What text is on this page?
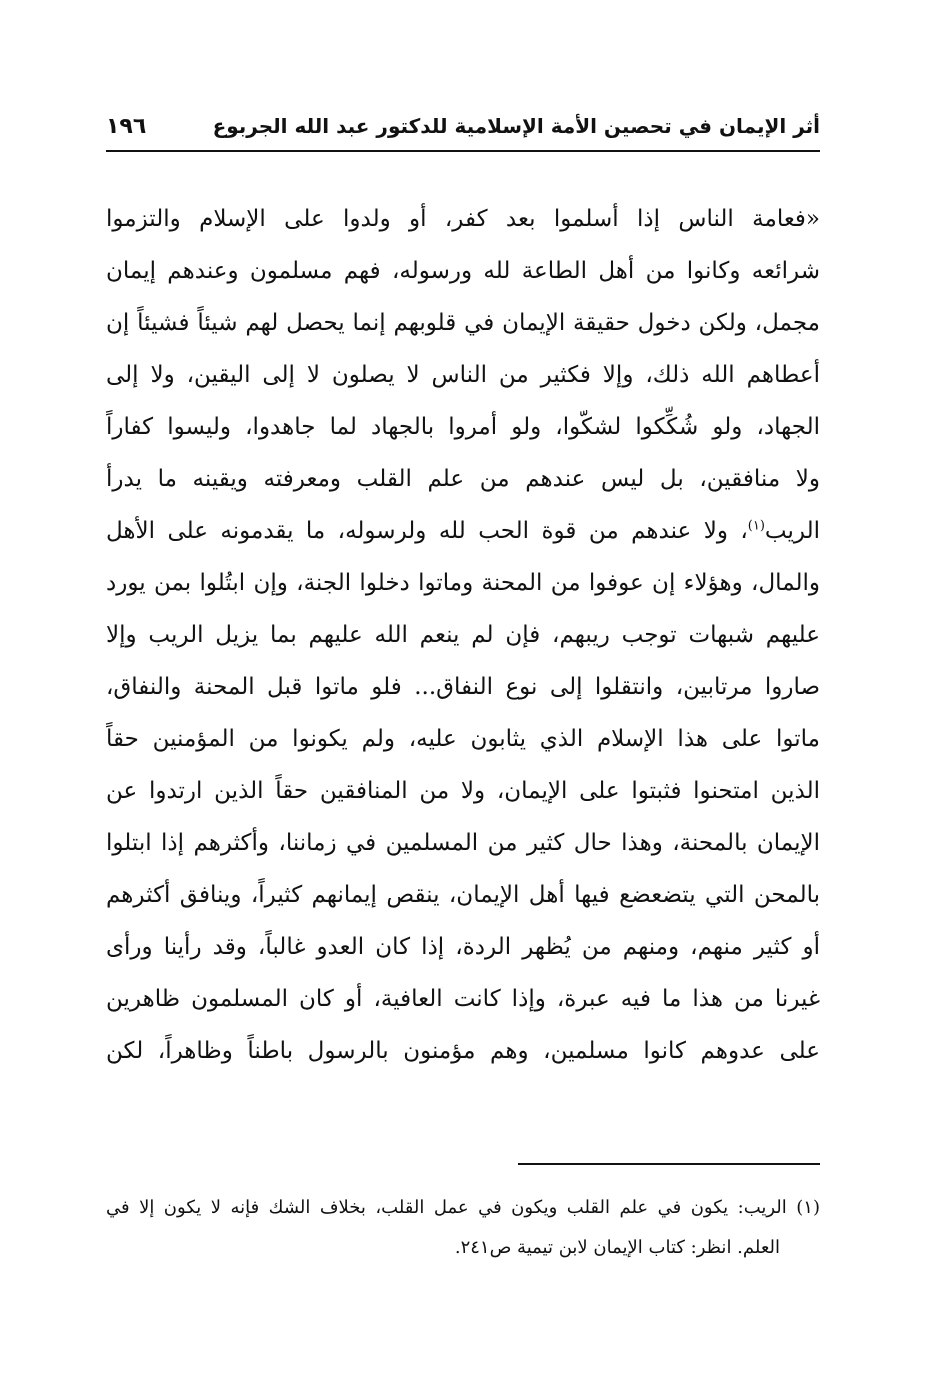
أثر الإيمان في تحصين الأمة الإسلامية للدكتور عبد الله الجربوع
١٩٦
«فعامة الناس إذا أسلموا بعد كفر، أو ولدوا على الإسلام والتزموا
شرائعه وكانوا من أهل الطاعة لله ورسوله، فهم مسلمون وعندهم إيمان
مجمل، ولكن دخول حقيقة الإيمان في قلوبهم إنما يحصل لهم شيئاً فشيئاً إن
أعطاهم الله ذلك، وإلا فكثير من الناس لا يصلون لا إلى اليقين، ولا إلى
الجهاد، ولو شُكِّكوا لشكّوا، ولو أمروا بالجهاد لما جاهدوا، وليسوا كفاراً
ولا منافقين، بل ليس عندهم من علم القلب ومعرفته ويقينه ما يدرأ
الريب$^{(١)}$، ولا عندهم من قوة الحب لله ولرسوله، ما يقدمونه على الأهل
والمال، وهؤلاء إن عوفوا من المحنة وماتوا دخلوا الجنة، وإن ابتُلوا بمن يورد
عليهم شبهات توجب ريبهم، فإن لم ينعم الله عليهم بما يزيل الريب وإلا
صاروا مرتابين، وانتقلوا إلى نوع النفاق... فلو ماتوا قبل المحنة والنفاق،
ماتوا على هذا الإسلام الذي يثابون عليه، ولم يكونوا من المؤمنين حقاً
الذين امتحنوا فثبتوا على الإيمان، ولا من المنافقين حقاً الذين ارتدوا عن
الإيمان بالمحنة، وهذا حال كثير من المسلمين في زماننا، وأكثرهم إذا ابتلوا
بالمحن التي يتضعضع فيها أهل الإيمان، ينقص إيمانهم كثيراً، وينافق أكثرهم
أو كثير منهم، ومنهم من يُظهر الردة، إذا كان العدو غالباً، وقد رأينا ورأى
غيرنا من هذا ما فيه عبرة، وإذا كانت العافية، أو كان المسلمون ظاهرين
على عدوهم كانوا مسلمين، وهم مؤمنون بالرسول باطناً وظاهراً، لكن
(١) الريب: يكون في علم القلب ويكون في عمل القلب، بخلاف الشك فإنه لا يكون إلا في
العلم. انظر: كتاب الإيمان لابن تيمية ص٢٤١.
